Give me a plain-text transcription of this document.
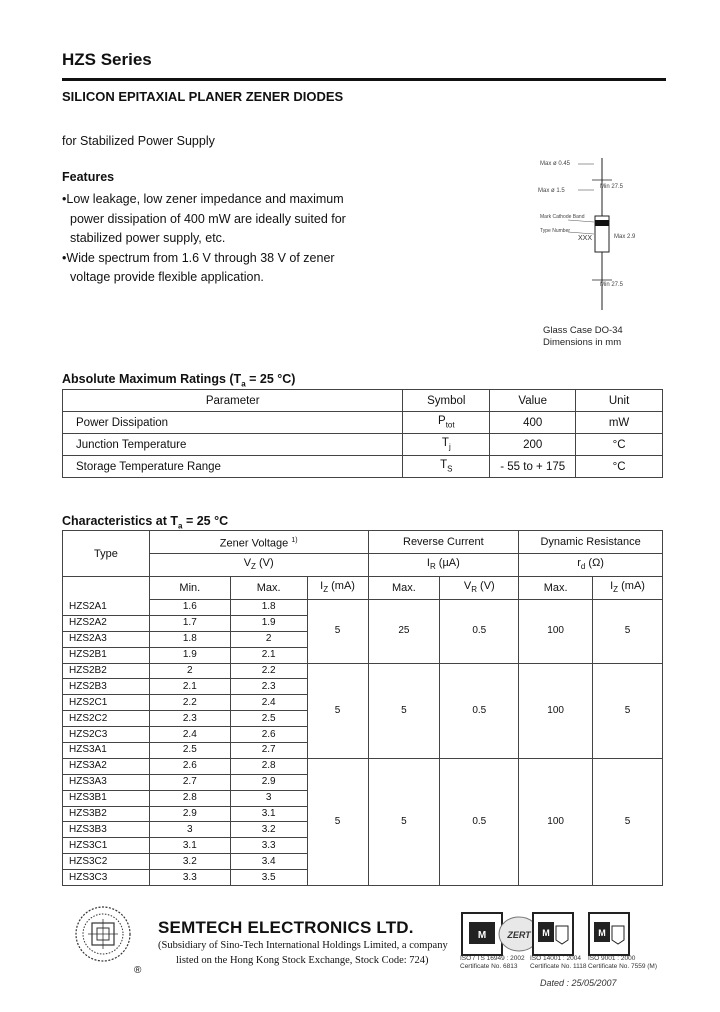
HZS Series
SILICON EPITAXIAL PLANER ZENER DIODES
for Stabilized Power Supply
Features
• Low leakage, low zener impedance and maximum power dissipation of 400 mW are ideally suited for stabilized power supply, etc.
• Wide spectrum from 1.6 V through 38 V of zener voltage provide flexible application.
Max ø 0.45
Max ø 1.5
Min 27.5
Mark Cathode Band
Type Number
XXX	Max 2.9
Min 27.5
Glass Case DO-34
Dimensions in mm
Absolute Maximum Ratings ($T_a = 25$ °C)
Parameter	Symbol	Value	Unit
Power Dissipation	$P_{tot}$	400	mW
Junction Temperature	$T_j$	200	°C
Storage Temperature Range	$T_S$	- 55 to + 175	°C
Characteristics at $T_a = 25$ °C
Type	Zener Voltage $^{1)}$			Reverse Current		Dynamic Resistance	
	$V_Z$ (V)			$I_R$ (µA)		$r_d$ (Ω)	
	Min.	Max.	$I_Z$ (mA)	Max.	$V_R$ (V)	Max.	$I_Z$ (mA)
HZS2A1	1.6	1.8	5	25	0.5	100	5
HZS2A2	1.7	1.9					
HZS2A3	1.8	2					
HZS2B1	1.9	2.1					
HZS2B2	2	2.2	5	5	0.5	100	5
HZS2B3	2.1	2.3					
HZS2C1	2.2	2.4					
HZS2C2	2.3	2.5					
HZS2C3	2.4	2.6					
HZS3A1	2.5	2.7					
HZS3A2	2.6	2.8	5	5	0.5	100	5
HZS3A3	2.7	2.9					
HZS3B1	2.8	3					
HZS3B2	2.9	3.1					
HZS3B3	3	3.2					
HZS3C1	3.1	3.3					
HZS3C2	3.2	3.4					
HZS3C3	3.3	3.5					
®
SEMTECH ELECTRONICS LTD.
(Subsidiary of Sino-Tech International Holdings Limited, a company
listed on the Hong Kong Stock Exchange, Stock Code: 724)
M ZERT M	M
ISO / TS 16949 : 2002
Certificate No. 6813
ISO 14001 : 2004
Certificate No. 1118
ISO 9001 : 2000
Certificate No. 7559 (M)
Dated : 25/05/2007
